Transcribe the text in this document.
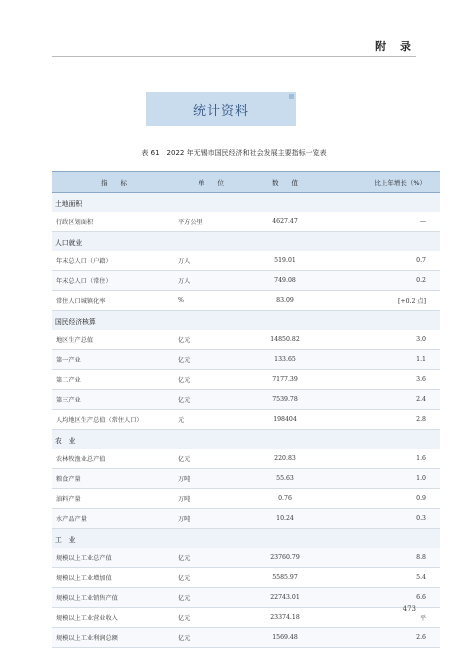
附 录
统计资料
表 61　2022 年无锡市国民经济和社会发展主要指标一览表
指　　标	单　　位	数　　值	比上年增长（%）
土地面积			
行政区划面积	平方公里	4627.47	—
人口就业			
年末总人口（户籍）	万人	519.01	0.7
年末总人口（常住）	万人	749.08	0.2
常住人口城镇化率	%	83.09	[+0.2 点]
国民经济核算			
地区生产总值	亿元	14850.82	3.0
第一产业	亿元	133.65	1.1
第二产业	亿元	7177.39	3.6
第三产业	亿元	7539.78	2.4
人均地区生产总值（常住人口）	元	198404	2.8
农　业			
农林牧渔业总产值	亿元	220.83	1.6
粮食产量	万吨	55.63	1.0
油料产量	万吨	0.76	0.9
水产品产量	万吨	10.24	0.3
工　业			
规模以上工业总产值	亿元	23760.79	8.8
规模以上工业增加值	亿元	5585.97	5.4
规模以上工业销售产值	亿元	22743.01	6.6
规模以上工业营业收入	亿元	23374.18	平
规模以上工业利润总额	亿元	1569.48	2.6
473
